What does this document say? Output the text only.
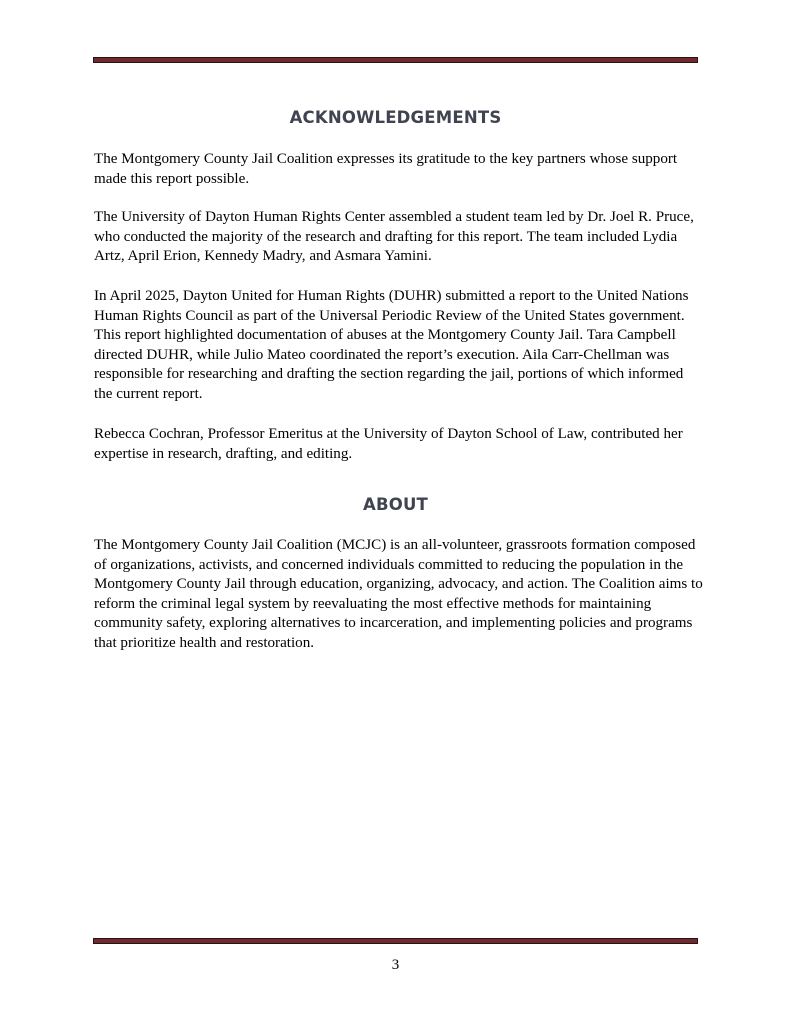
ACKNOWLEDGEMENTS

The Montgomery County Jail Coalition expresses its gratitude to the key partners whose support made this report possible.

The University of Dayton Human Rights Center assembled a student team led by Dr. Joel R. Pruce, who conducted the majority of the research and drafting for this report. The team included Lydia Artz, April Erion, Kennedy Madry, and Asmara Yamini.

In April 2025, Dayton United for Human Rights (DUHR) submitted a report to the United Nations Human Rights Council as part of the Universal Periodic Review of the United States government. This report highlighted documentation of abuses at the Montgomery County Jail. Tara Campbell directed DUHR, while Julio Mateo coordinated the report’s execution. Aila Carr-Chellman was responsible for researching and drafting the section regarding the jail, portions of which informed the current report.

Rebecca Cochran, Professor Emeritus at the University of Dayton School of Law, contributed her expertise in research, drafting, and editing.

ABOUT

The Montgomery County Jail Coalition (MCJC) is an all-volunteer, grassroots formation composed of organizations, activists, and concerned individuals committed to reducing the population in the Montgomery County Jail through education, organizing, advocacy, and action. The Coalition aims to reform the criminal legal system by reevaluating the most effective methods for maintaining community safety, exploring alternatives to incarceration, and implementing policies and programs that prioritize health and restoration.

3
